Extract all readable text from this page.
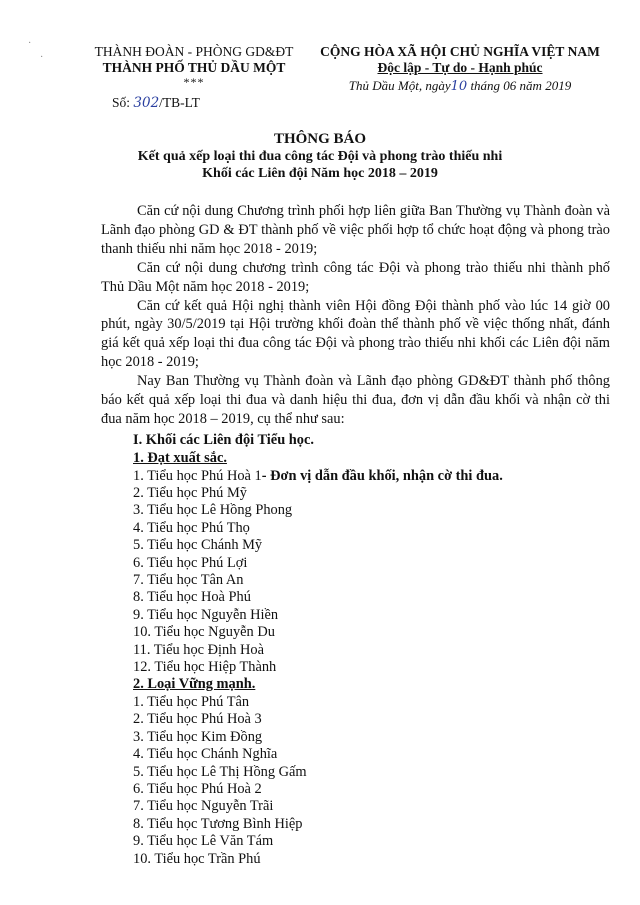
THÀNH ĐOÀN - PHÒNG GD&ĐT
THÀNH PHỐ THỦ DẦU MỘT
***
CỘNG HÒA XÃ HỘI CHỦ NGHĨA VIỆT NAM
Độc lập - Tự do - Hạnh phúc
Thủ Dầu Một, ngày10 tháng 06 năm 2019
Số: 302/TB-LT
THÔNG BÁO
Kết quả xếp loại thi đua công tác Đội và phong trào thiếu nhi
Khối các Liên đội Năm học 2018 – 2019

Căn cứ nội dung Chương trình phối hợp liên giữa Ban Thường vụ Thành đoàn và Lãnh đạo phòng GD & ĐT thành phố về việc phối hợp tổ chức hoạt động và phong trào thanh thiếu nhi năm học 2018 - 2019;

Căn cứ nội dung chương trình công tác Đội và phong trào thiếu nhi thành phố Thủ Dầu Một năm học 2018 - 2019;

Căn cứ kết quả Hội nghị thành viên Hội đồng Đội thành phố vào lúc 14 giờ 00 phút, ngày 30/5/2019 tại Hội trường khối đoàn thể thành phố về việc thống nhất, đánh giá kết quả xếp loại thi đua công tác Đội và phong trào thiếu nhi khối các Liên đội năm học 2018 - 2019;

Nay Ban Thường vụ Thành đoàn và Lãnh đạo phòng GD&ĐT thành phố thông báo kết quả xếp loại thi đua và danh hiệu thi đua, đơn vị dẫn đầu khối và nhận cờ thi đua năm học 2018 – 2019, cụ thể như sau:

I. Khối các Liên đội Tiểu học.
1. Đạt xuất sắc.
1. Tiểu học Phú Hoà 1- Đơn vị dẫn đầu khối, nhận cờ thi đua.
2. Tiểu học Phú Mỹ
3. Tiểu học Lê Hồng Phong
4. Tiểu học Phú Thọ
5. Tiểu học Chánh Mỹ
6. Tiểu học Phú Lợi
7. Tiểu học Tân An
8. Tiểu học Hoà Phú
9. Tiểu học Nguyễn Hiền
10. Tiểu học Nguyễn Du
11. Tiểu học Định Hoà
12. Tiểu học Hiệp Thành
2. Loại Vững mạnh.
1. Tiểu học Phú Tân
2. Tiểu học Phú Hoà 3
3. Tiểu học Kim Đồng
4. Tiểu học Chánh Nghĩa
5. Tiểu học Lê Thị Hồng Gấm
6. Tiểu học Phú Hoà 2
7. Tiểu học Nguyễn Trãi
8. Tiểu học Tương Bình Hiệp
9. Tiểu học Lê Văn Tám
10. Tiểu học Trần Phú
·
·
